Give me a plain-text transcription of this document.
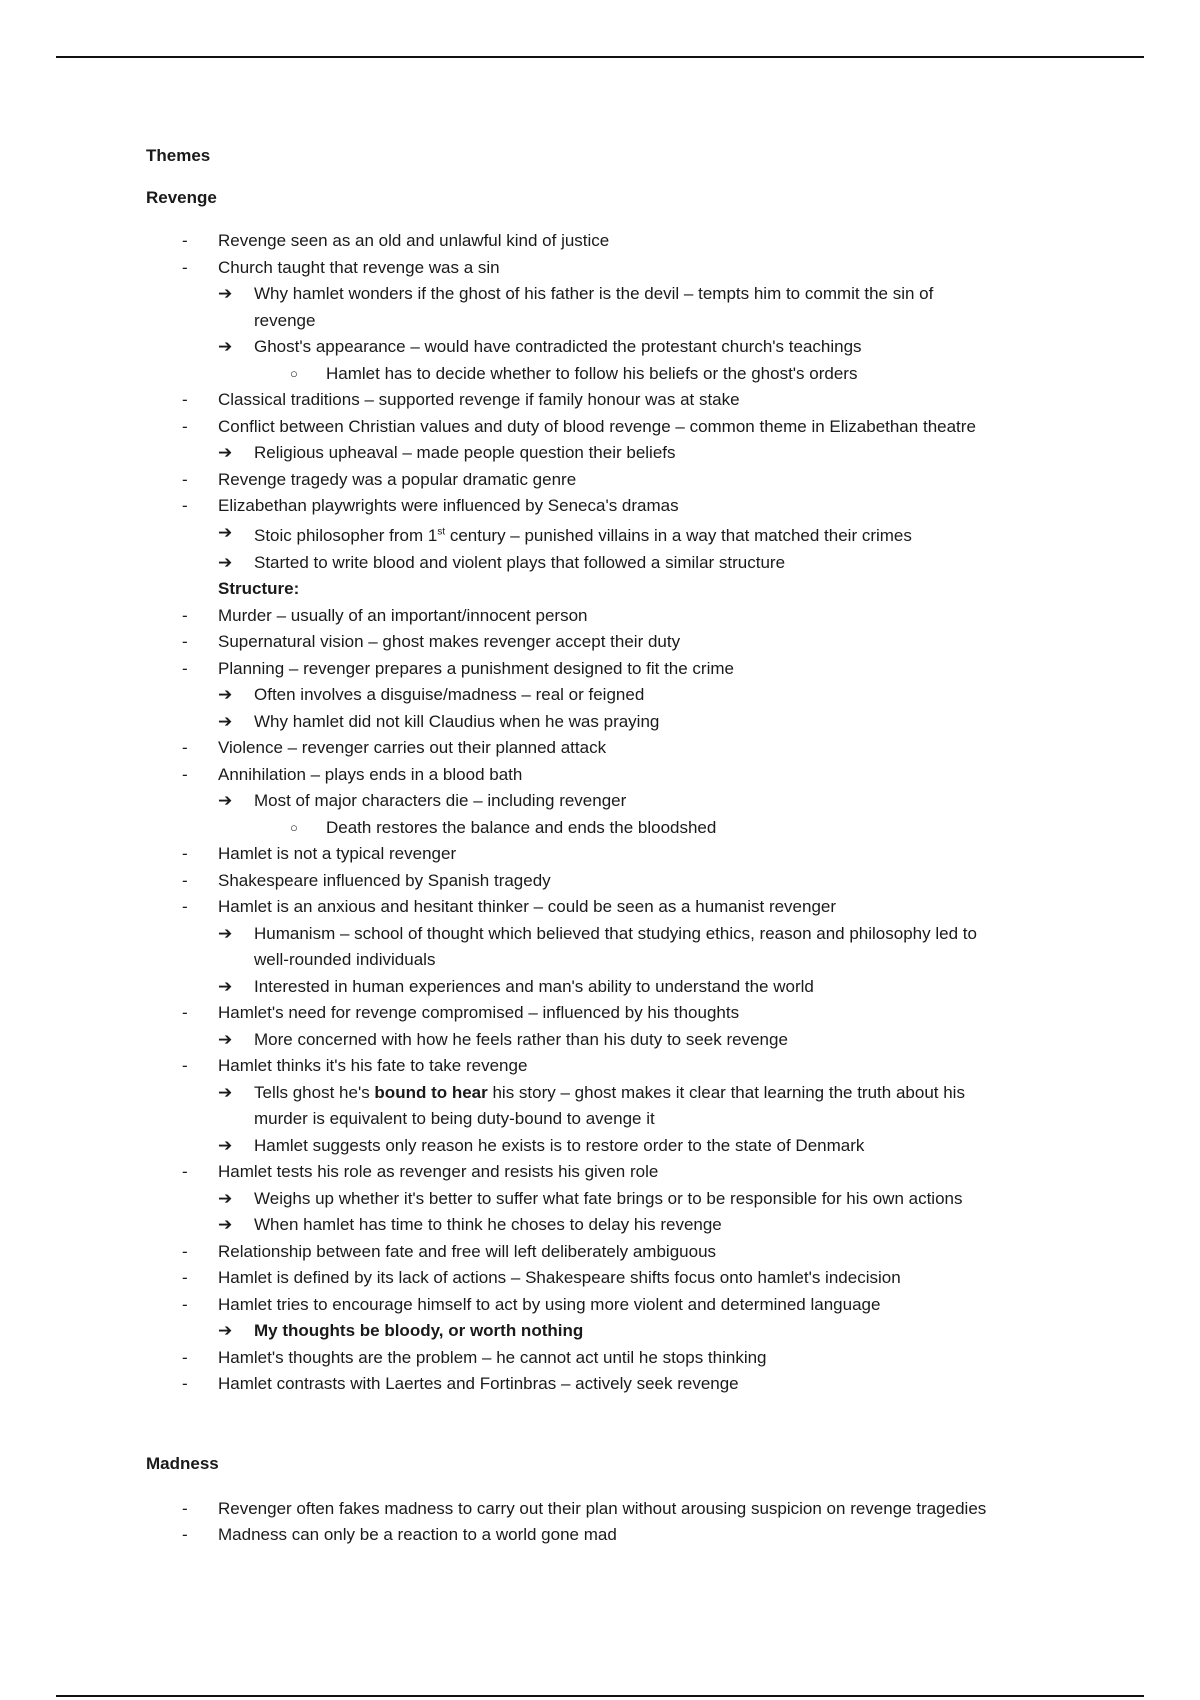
Themes
Revenge
- Revenge seen as an old and unlawful kind of justice
- Church taught that revenge was a sin
➔ Why hamlet wonders if the ghost of his father is the devil – tempts him to commit the sin of
revenge
➔ Ghost's appearance – would have contradicted the protestant church's teachings
○ Hamlet has to decide whether to follow his beliefs or the ghost's orders
- Classical traditions – supported revenge if family honour was at stake
- Conflict between Christian values and duty of blood revenge – common theme in Elizabethan theatre
➔ Religious upheaval – made people question their beliefs
- Revenge tragedy was a popular dramatic genre
- Elizabethan playwrights were influenced by Seneca's dramas
➔ Stoic philosopher from 1st century – punished villains in a way that matched their crimes
➔ Started to write blood and violent plays that followed a similar structure
Structure:
- Murder – usually of an important/innocent person
- Supernatural vision – ghost makes revenger accept their duty
- Planning – revenger prepares a punishment designed to fit the crime
➔ Often involves a disguise/madness – real or feigned
➔ Why hamlet did not kill Claudius when he was praying
- Violence – revenger carries out their planned attack
- Annihilation – plays ends in a blood bath
➔ Most of major characters die – including revenger
○ Death restores the balance and ends the bloodshed
- Hamlet is not a typical revenger
- Shakespeare influenced by Spanish tragedy
- Hamlet is an anxious and hesitant thinker – could be seen as a humanist revenger
➔ Humanism – school of thought which believed that studying ethics, reason and philosophy led to
well-rounded individuals
➔ Interested in human experiences and man's ability to understand the world
- Hamlet's need for revenge compromised – influenced by his thoughts
➔ More concerned with how he feels rather than his duty to seek revenge
- Hamlet thinks it's his fate to take revenge
➔ Tells ghost he's bound to hear his story – ghost makes it clear that learning the truth about his
murder is equivalent to being duty-bound to avenge it
➔ Hamlet suggests only reason he exists is to restore order to the state of Denmark
- Hamlet tests his role as revenger and resists his given role
➔ Weighs up whether it's better to suffer what fate brings or to be responsible for his own actions
➔ When hamlet has time to think he choses to delay his revenge
- Relationship between fate and free will left deliberately ambiguous
- Hamlet is defined by its lack of actions – Shakespeare shifts focus onto hamlet's indecision
- Hamlet tries to encourage himself to act by using more violent and determined language
➔ My thoughts be bloody, or worth nothing
- Hamlet's thoughts are the problem – he cannot act until he stops thinking
- Hamlet contrasts with Laertes and Fortinbras – actively seek revenge
Madness
- Revenger often fakes madness to carry out their plan without arousing suspicion on revenge tragedies
- Madness can only be a reaction to a world gone mad
